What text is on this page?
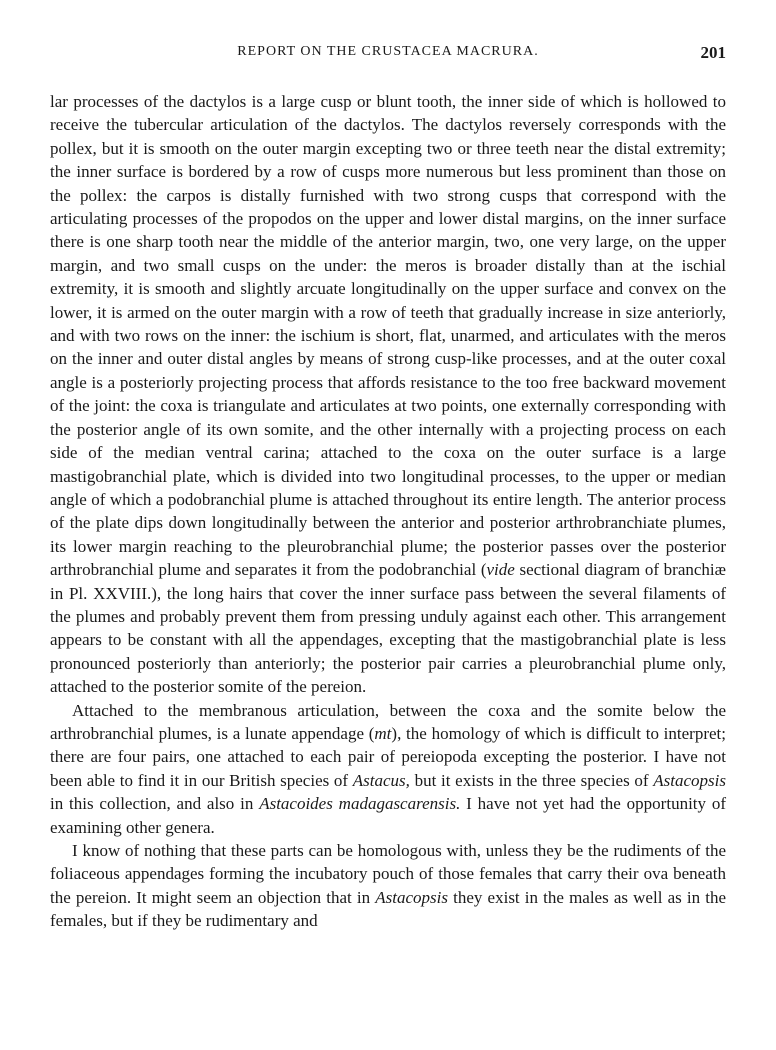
REPORT ON THE CRUSTACEA MACRURA.	201

lar processes of the dactylos is a large cusp or blunt tooth, the inner side of which is hollowed to receive the tubercular articulation of the dactylos. The dactylos reversely corresponds with the pollex, but it is smooth on the outer margin excepting two or three teeth near the distal extremity; the inner surface is bordered by a row of cusps more numerous but less prominent than those on the pollex: the carpos is distally furnished with two strong cusps that correspond with the articulating processes of the propodos on the upper and lower distal margins, on the inner surface there is one sharp tooth near the middle of the anterior margin, two, one very large, on the upper margin, and two small cusps on the under: the meros is broader distally than at the ischial extremity, it is smooth and slightly arcuate longitudinally on the upper surface and convex on the lower, it is armed on the outer margin with a row of teeth that gradually increase in size anteriorly, and with two rows on the inner: the ischium is short, flat, unarmed, and articulates with the meros on the inner and outer distal angles by means of strong cusp-like processes, and at the outer coxal angle is a posteriorly projecting process that affords resistance to the too free backward movement of the joint: the coxa is triangulate and articulates at two points, one externally corresponding with the posterior angle of its own somite, and the other internally with a projecting process on each side of the median ventral carina; attached to the coxa on the outer surface is a large mastigobranchial plate, which is divided into two longitudinal processes, to the upper or median angle of which a podobranchial plume is attached throughout its entire length. The anterior process of the plate dips down longitudinally between the anterior and posterior arthrobranchiate plumes, its lower margin reaching to the pleurobranchial plume; the posterior passes over the posterior arthrobranchial plume and separates it from the podobranchial (vide sectional diagram of branchiæ in Pl. XXVIII.), the long hairs that cover the inner surface pass between the several filaments of the plumes and probably prevent them from pressing unduly against each other. This arrangement appears to be constant with all the appendages, excepting that the mastigobranchial plate is less pronounced posteriorly than anteriorly; the posterior pair carries a pleurobranchial plume only, attached to the posterior somite of the pereion.

Attached to the membranous articulation, between the coxa and the somite below the arthrobranchial plumes, is a lunate appendage (mt), the homology of which is difficult to interpret; there are four pairs, one attached to each pair of pereiopoda excepting the posterior. I have not been able to find it in our British species of Astacus, but it exists in the three species of Astacopsis in this collection, and also in Astacoides madagascarensis. I have not yet had the opportunity of examining other genera.

I know of nothing that these parts can be homologous with, unless they be the rudiments of the foliaceous appendages forming the incubatory pouch of those females that carry their ova beneath the pereion. It might seem an objection that in Astacopsis they exist in the males as well as in the females, but if they be rudimentary and
